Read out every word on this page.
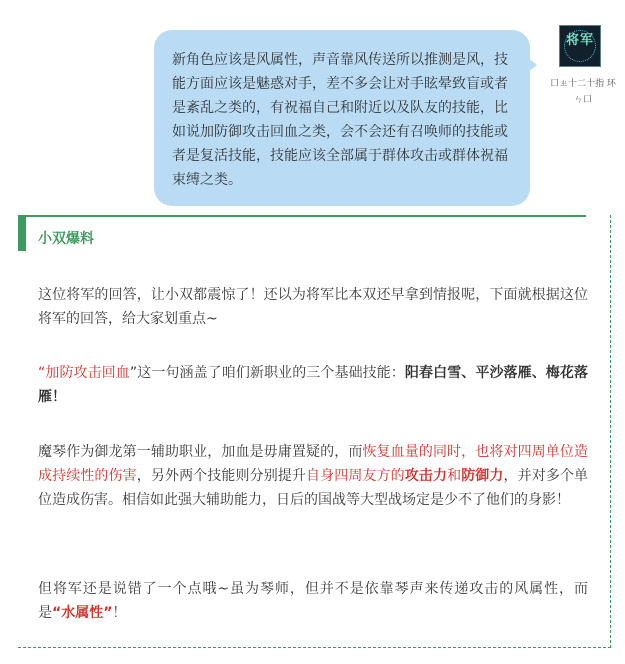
新角色应该是风属性，声音靠风传送所以推测是风，技能方面应该是魅惑对手，差不多会让对手眩晕致盲或者是紊乱之类的，有祝福自己和附近以及队友的技能，比如说加防御攻击回血之类，会不会还有召唤师的技能或者是复活技能，技能应该全部属于群体攻击或群体祝福束缚之类。
将军
口ㄓ十二十指 环ㄣ口
小双爆料
这位将军的回答，让小双都震惊了！还以为将军比本双还早拿到情报呢，下面就根据这位将军的回答，给大家划重点~
“加防攻击回血”这一句涵盖了咱们新职业的三个基础技能：阳春白雪、平沙落雁、梅花落雁！
魔琴作为御龙第一辅助职业，加血是毋庸置疑的，而恢复血量的同时，也将对四周单位造成持续性的伤害，另外两个技能则分别提升自身四周友方的攻击力和防御力，并对多个单位造成伤害。相信如此强大辅助能力，日后的国战等大型战场定是少不了他们的身影！
但将军还是说错了一个点哦~虽为琴师，但并不是依靠琴声来传递攻击的风属性，而是“水属性”！
